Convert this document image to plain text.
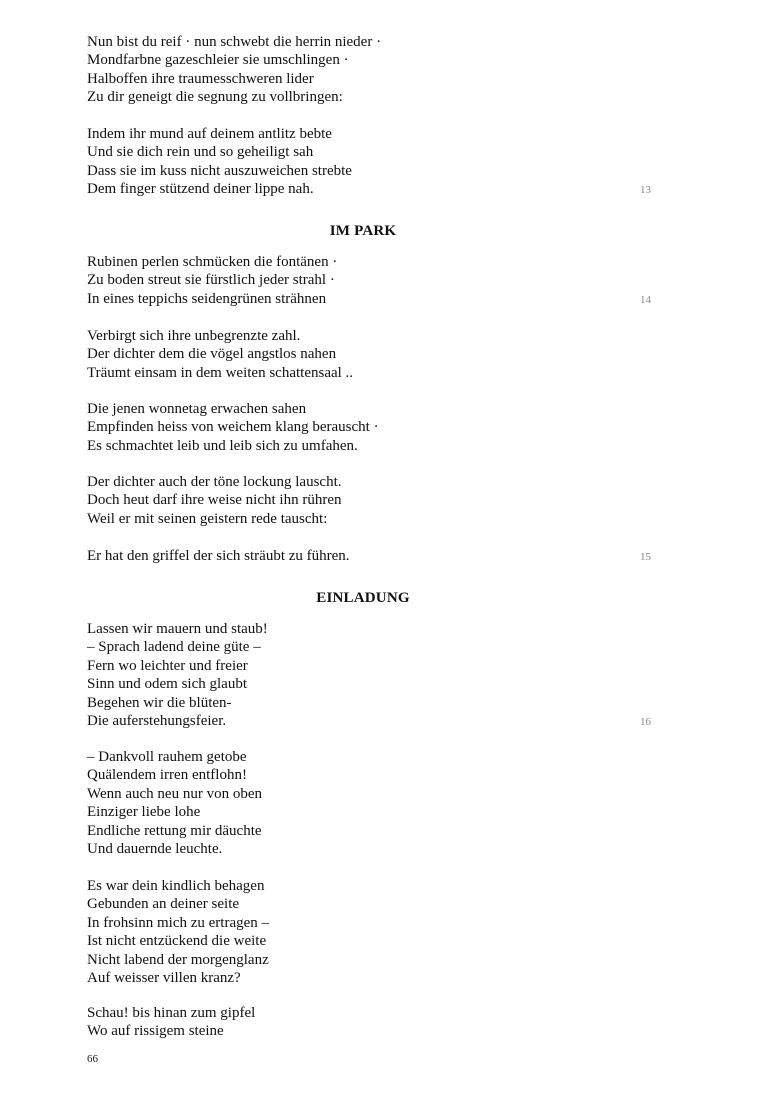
Nun bist du reif · nun schwebt die herrin nieder ·
Mondfarbne gazeschleier sie umschlingen ·
Halboffen ihre traumesschweren lider
Zu dir geneigt die segnung zu vollbringen:
Indem ihr mund auf deinem antlitz bebte
Und sie dich rein und so geheiligt sah
Dass sie im kuss nicht auszuweichen strebte
Dem finger stützend deiner lippe nah.	13
IM PARK
Rubinen perlen schmücken die fontänen ·
Zu boden streut sie fürstlich jeder strahl ·
In eines teppichs seidengrünen strähnen	14
Verbirgt sich ihre unbegrenzte zahl.
Der dichter dem die vögel angstlos nahen
Träumt einsam in dem weiten schattensaal ..
Die jenen wonnetag erwachen sahen
Empfinden heiss von weichem klang berauscht ·
Es schmachtet leib und leib sich zu umfahen.
Der dichter auch der töne lockung lauscht.
Doch heut darf ihre weise nicht ihn rühren
Weil er mit seinen geistern rede tauscht:
Er hat den griffel der sich sträubt zu führen.	15
EINLADUNG
Lassen wir mauern und staub!
– Sprach ladend deine güte –
Fern wo leichter und freier
Sinn und odem sich glaubt
Begehen wir die blüten-
Die auferstehungsfeier.	16
– Dankvoll rauhem getobe
Quälendem irren entflohn!
Wenn auch neu nur von oben
Einziger liebe lohe
Endliche rettung mir däuchte
Und dauernde leuchte.
Es war dein kindlich behagen
Gebunden an deiner seite
In frohsinn mich zu ertragen –
Ist nicht entzückend die weite
Nicht labend der morgenglanz
Auf weisser villen kranz?
Schau! bis hinan zum gipfel
Wo auf rissigem steine
66
